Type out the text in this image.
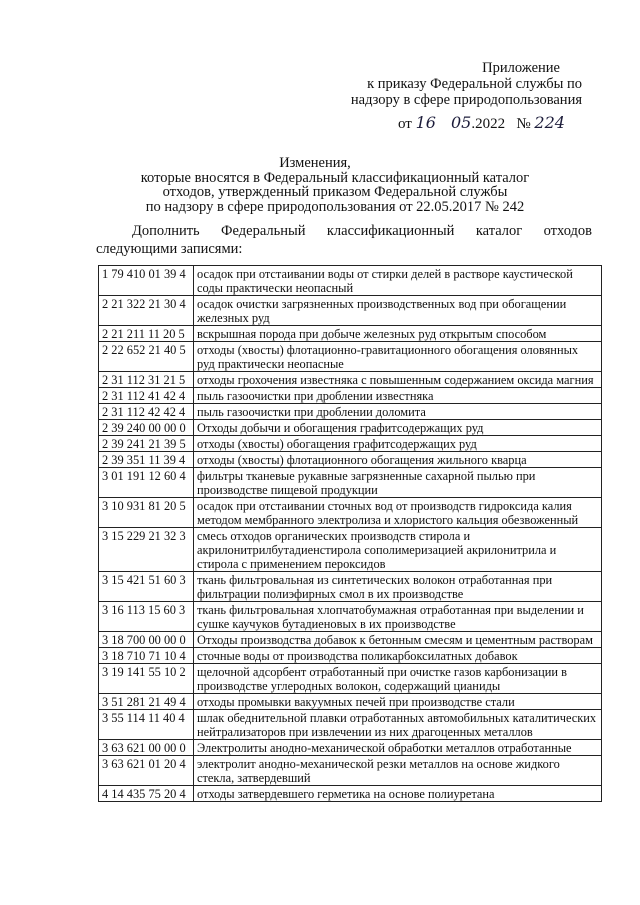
Приложение
к приказу Федеральной службы по
надзору в сфере природопользования
от 16 05.2022 № 224
Изменения,
которые вносятся в Федеральный классификационный каталог
отходов, утвержденный приказом Федеральной службы
по надзору в сфере природопользования от 22.05.2017 № 242
Дополнить Федеральный классификационный каталог отходов
следующими записями:
1 79 410 01 39 4	осадок при отстаивании воды от стирки делей в растворе каустической соды практически неопасный
2 21 322 21 30 4	осадок очистки загрязненных производственных вод при обогащении железных руд
2 21 211 11 20 5	вскрышная порода при добыче железных руд открытым способом
2 22 652 21 40 5	отходы (хвосты) флотационно-гравитационного обогащения оловянных руд практически неопасные
2 31 112 31 21 5	отходы грохочения известняка с повышенным содержанием оксида магния
2 31 112 41 42 4	пыль газоочистки при дроблении известняка
2 31 112 42 42 4	пыль газоочистки при дроблении доломита
2 39 240 00 00 0	Отходы добычи и обогащения графитсодержащих руд
2 39 241 21 39 5	отходы (хвосты) обогащения графитсодержащих руд
2 39 351 11 39 4	отходы (хвосты) флотационного обогащения жильного кварца
3 01 191 12 60 4	фильтры тканевые рукавные загрязненные сахарной пылью при производстве пищевой продукции
3 10 931 81 20 5	осадок при отстаивании сточных вод от производств гидроксида калия методом мембранного электролиза и хлористого кальция обезвоженный
3 15 229 21 32 3	смесь отходов органических производств стирола и акрилонитрилбутадиенстирола сополимеризацией акрилонитрила и стирола с применением пероксидов
3 15 421 51 60 3	ткань фильтровальная из синтетических волокон отработанная при фильтрации полиэфирных смол в их производстве
3 16 113 15 60 3	ткань фильтровальная хлопчатобумажная отработанная при выделении и сушке каучуков бутадиеновых в их производстве
3 18 700 00 00 0	Отходы производства добавок к бетонным смесям и цементным растворам
3 18 710 71 10 4	сточные воды от производства поликарбоксилатных добавок
3 19 141 55 10 2	щелочной адсорбент отработанный при очистке газов карбонизации в производстве углеродных волокон, содержащий цианиды
3 51 281 21 49 4	отходы промывки вакуумных печей при производстве стали
3 55 114 11 40 4	шлак обеднительной плавки отработанных автомобильных каталитических нейтрализаторов при извлечении из них драгоценных металлов
3 63 621 00 00 0	Электролиты анодно-механической обработки металлов отработанные
3 63 621 01 20 4	электролит анодно-механической резки металлов на основе жидкого стекла, затвердевший
4 14 435 75 20 4	отходы затвердевшего герметика на основе полиуретана
